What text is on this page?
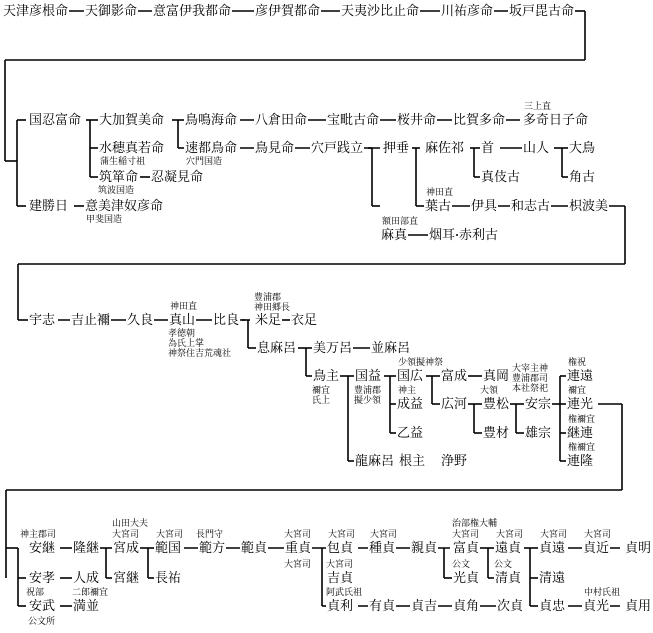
天津彦根命 天御影命 意富伊我都命 彦伊賀都命 天夷沙比止命 川祐彦命 坂戸毘古命
国忍富命 大加賀美命 鳥鳴海命 八倉田命 宝毗古命 桜井命 比賀多命 多奇日子命
水穂真若命 速都鳥命 鳥見命 穴戸践立 押垂 麻佐祁 首 山人 大鳥
真伎古	角古
筑箪命 忍凝見命
葉古 伊具 和志古 枳波美
建勝日 意美津奴彦命
麻真 烟耳 赤利古
宇志 吉止襧 久良 真山 比良 米足 衣足
息麻呂 美万呂 並麻呂
鳥主 国益 国広 富成 真岡	連遠
連光
成益 広河 豊松 安宗
継連
乙益	豊材 雄宗
連隆
龍麻呂 根主 浄野
安継 隆継 宮成 範国 範方 範貞 重貞 包貞 種貞 親貞 富貞 遠貞 貞遠 貞近 貞明
安孝 人成 宮継 長祐	吉貞	光貞 清貞 清遠
安武 満並	貞利 有貞 貞吉 貞角 次貞 貞忠 貞光 貞用
三上直
蒲生稲寸祖	穴門国造
筑波国造
甲斐国造
神田直
額田部直
神田直
孝徳朝
為氏上掌
神祭住吉荒魂社
豊浦郡
神田郷長
少領擬神祭
神主	大領
大宰主神
豊浦郡司
本社祭祀
権祝
禰宜
氏上
豊浦郡
擬少領
禰宜
権禰宜
権禰宜
神主郡司	大宮司
山田大夫
大宮司 長門守	大宮司 大宮司 大宮司	大宮司
治部権大輔
大宮司	大宮司 大宮司
大宮司
大宮司	公文	公文
二郎禰宜
祝部
公文所
阿武氏祖	中村氏祖
